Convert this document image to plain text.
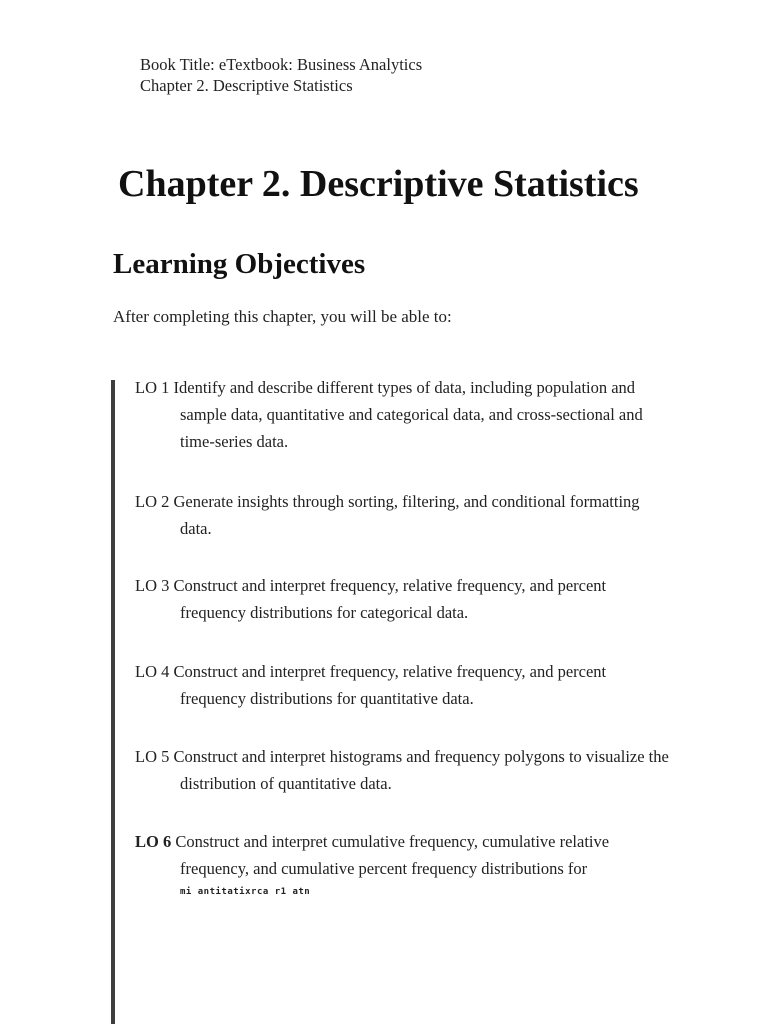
Book Title: eTextbook: Business Analytics
Chapter 2. Descriptive Statistics
Chapter 2. Descriptive Statistics
Learning Objectives

After completing this chapter, you will be able to:

LO 1 Identify and describe different types of data, including population and sample data, quantitative and categorical data, and cross-sectional and time-series data.
LO 2 Generate insights through sorting, filtering, and conditional formatting data.
LO 3 Construct and interpret frequency, relative frequency, and percent frequency distributions for categorical data.
LO 4 Construct and interpret frequency, relative frequency, and percent frequency distributions for quantitative data.
LO 5 Construct and interpret histograms and frequency polygons to visualize the distribution of quantitative data.
LO 6 Construct and interpret cumulative frequency, cumulative relative frequency, and cumulative percent frequency distributions for
mi antitatixrca r1 atn
